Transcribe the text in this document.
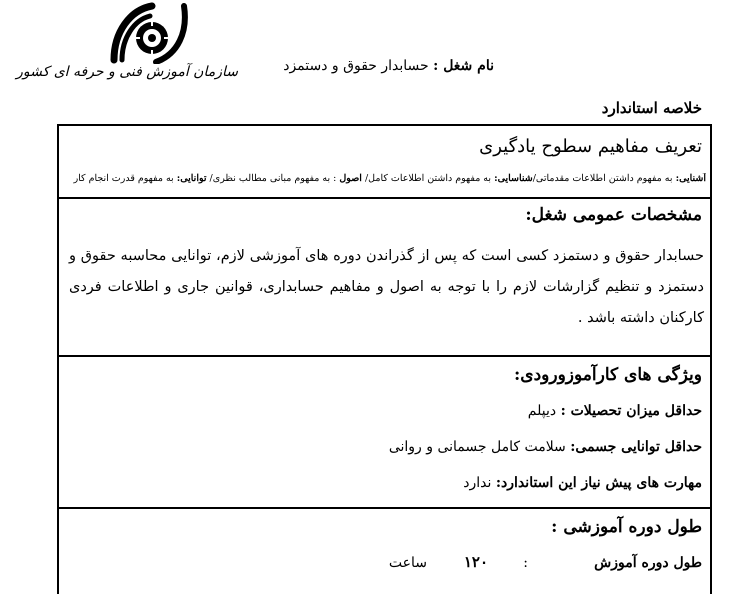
سازمان آموزش فنی و حرفه ای کشور	نام شغل : حسابدار حقوق و دستمزد
خلاصه استاندارد
تعریف مفاهیم سطوح یادگیری
آشنایی: به مفهوم داشتن اطلاعات مقدماتی/شناسایی: به مفهوم داشتن اطلاعات کامل/ اصول : به مفهوم مبانی مطالب نظری/ توانایی: به مفهوم قدرت انجام کار
مشخصات عمومی شغل:
حسابدار حقوق و دستمزد کسی است که پس از گذراندن دوره های آموزشی لازم، توانایی محاسبه حقوق و دستمزد و تنظیم گزارشات لازم را با توجه به اصول و مفاهیم حسابداری، قوانین جاری و اطلاعات فردی کارکنان داشته باشد .
ویژگی های کارآموزورودی:
حداقل میزان تحصیلات : دیپلم
حداقل توانایی جسمی: سلامت کامل جسمانی و روانی
مهارت های پیش نیاز این استاندارد: ندارد
طول دوره آموزشی :
طول دوره آموزش
:
۱۲۰
ساعت
